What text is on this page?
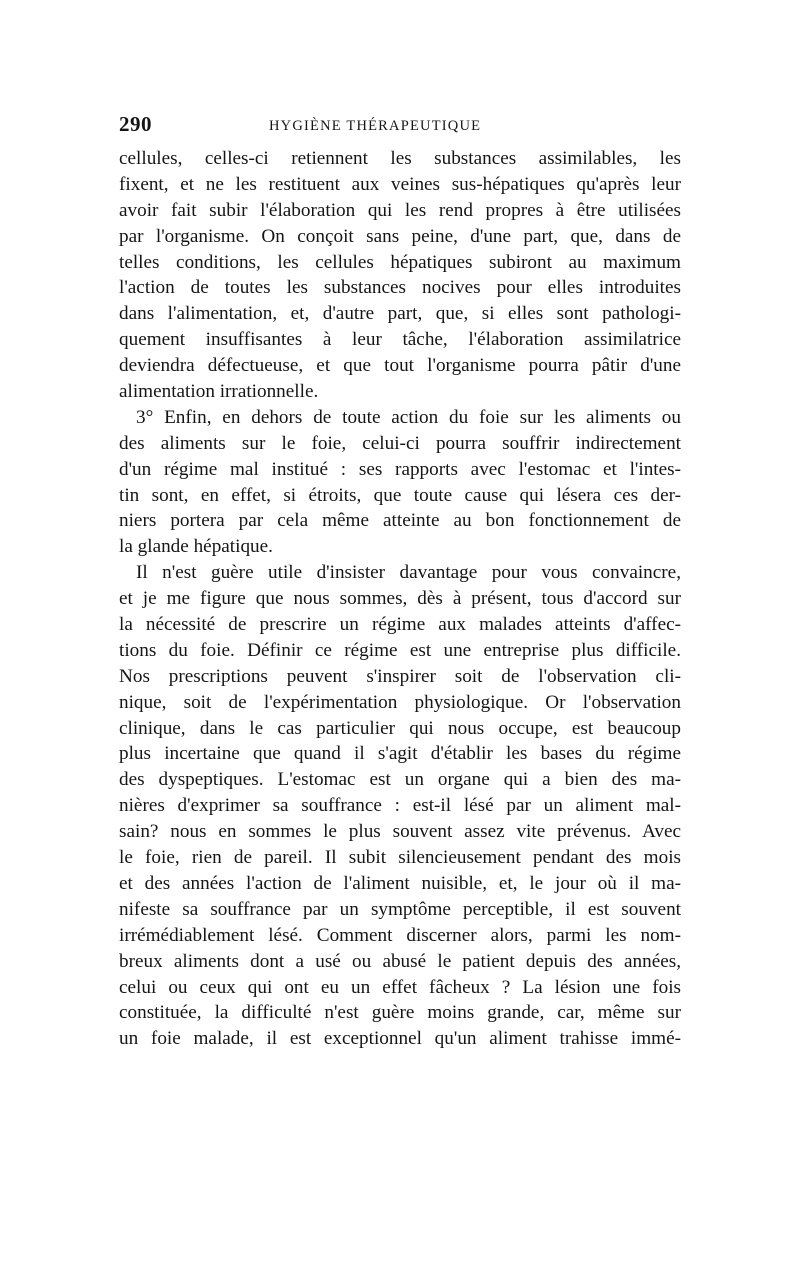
290	HYGIÈNE THÉRAPEUTIQUE
cellules, celles-ci retiennent les substances assimilables, les
fixent, et ne les restituent aux veines sus-hépatiques qu'après leur
avoir fait subir l'élaboration qui les rend propres à être utilisées
par l'organisme. On conçoit sans peine, d'une part, que, dans de
telles conditions, les cellules hépatiques subiront au maximum
l'action de toutes les substances nocives pour elles introduites
dans l'alimentation, et, d'autre part, que, si elles sont pathologi-
quement insuffisantes à leur tâche, l'élaboration assimilatrice
deviendra défectueuse, et que tout l'organisme pourra pâtir d'une
alimentation irrationnelle.
3° Enfin, en dehors de toute action du foie sur les aliments ou
des aliments sur le foie, celui-ci pourra souffrir indirectement
d'un régime mal institué : ses rapports avec l'estomac et l'intes-
tin sont, en effet, si étroits, que toute cause qui lésera ces der-
niers portera par cela même atteinte au bon fonctionnement de
la glande hépatique.
Il n'est guère utile d'insister davantage pour vous convaincre,
et je me figure que nous sommes, dès à présent, tous d'accord sur
la nécessité de prescrire un régime aux malades atteints d'affec-
tions du foie. Définir ce régime est une entreprise plus difficile.
Nos prescriptions peuvent s'inspirer soit de l'observation cli-
nique, soit de l'expérimentation physiologique. Or l'observation
clinique, dans le cas particulier qui nous occupe, est beaucoup
plus incertaine que quand il s'agit d'établir les bases du régime
des dyspeptiques. L'estomac est un organe qui a bien des ma-
nières d'exprimer sa souffrance : est-il lésé par un aliment mal-
sain? nous en sommes le plus souvent assez vite prévenus. Avec
le foie, rien de pareil. Il subit silencieusement pendant des mois
et des années l'action de l'aliment nuisible, et, le jour où il ma-
nifeste sa souffrance par un symptôme perceptible, il est souvent
irrémédiablement lésé. Comment discerner alors, parmi les nom-
breux aliments dont a usé ou abusé le patient depuis des années,
celui ou ceux qui ont eu un effet fâcheux ? La lésion une fois
constituée, la difficulté n'est guère moins grande, car, même sur
un foie malade, il est exceptionnel qu'un aliment trahisse immé-
